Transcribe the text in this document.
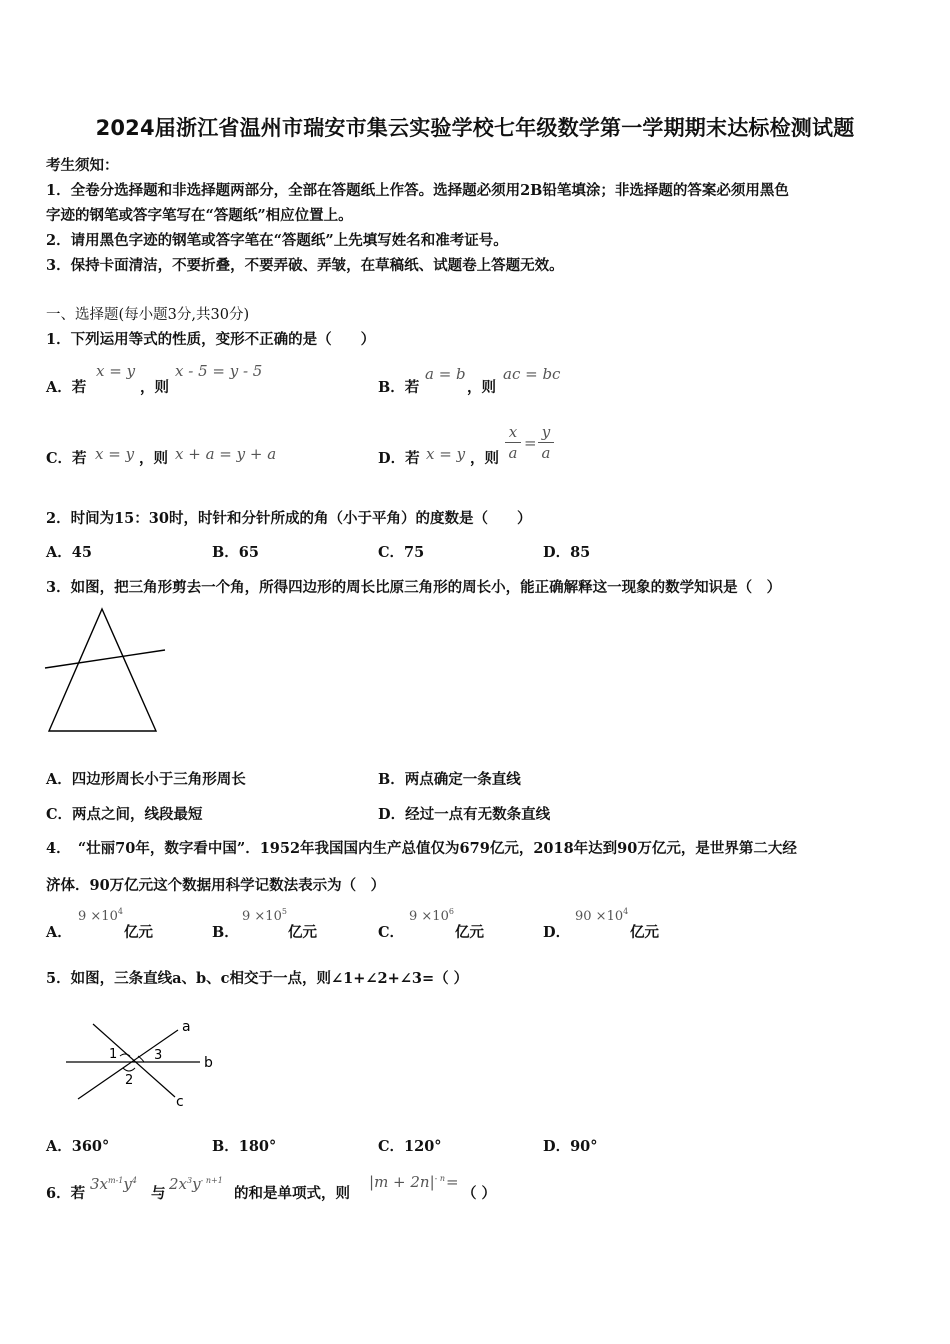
2024届浙江省温州市瑞安市集云实验学校七年级数学第一学期期末达标检测试题
考生须知：
1．全卷分选择题和非选择题两部分，全部在答题纸上作答。选择题必须用2B铅笔填涂；非选择题的答案必须用黑色
字迹的钢笔或答字笔写在“答题纸”相应位置上。
2．请用黑色字迹的钢笔或答字笔在“答题纸”上先填写姓名和准考证号。
3．保持卡面清洁，不要折叠，不要弄破、弄皱，在草稿纸、试题卷上答题无效。
一、选择题(每小题3分,共30分)
1．下列运用等式的性质，变形不正确的是（　　）
A．若
x = y
，则
x - 5 = y - 5
B．若
a = b
，则
ac = bc
C．若 x = y ，则 x + a = y + a	D．若 x = y ，则
x
a
=
y
a
2．时间为15：30时，时针和分针所成的角（小于平角）的度数是（　　）
A．45	B．65	C．75	D．85
3．如图，把三角形剪去一个角，所得四边形的周长比原三角形的周长小，能正确解释这一现象的数学知识是（　）
A．四边形周长小于三角形周长	B．两点确定一条直线
C．两点之间，线段最短	D．经过一点有无数条直线
4．　“壮丽70年，数字看中国”．1952年我国国内生产总值仅为679亿元，2018年达到90万亿元，是世界第二大经
济体．90万亿元这个数据用科学记数法表示为（　）
A．
$9 \times 10^4$
亿元	B．
$9 \times 10^5$
亿元	C．
$9 \times 10^6$
亿元	D．
$90 \times 10^4$
亿元
5．如图，三条直线a、b、c相交于一点，则∠1+∠2+∠3=（ ）
a
b
c
1
2
3
A．360°	B．180°	C．120°	D．90°
6．若
$3x^{m-1}y^4$
与
$2x^3y^{- n+1}$
的和是单项式，则
$|m + 2n|^{- n}$ =
（ ）
